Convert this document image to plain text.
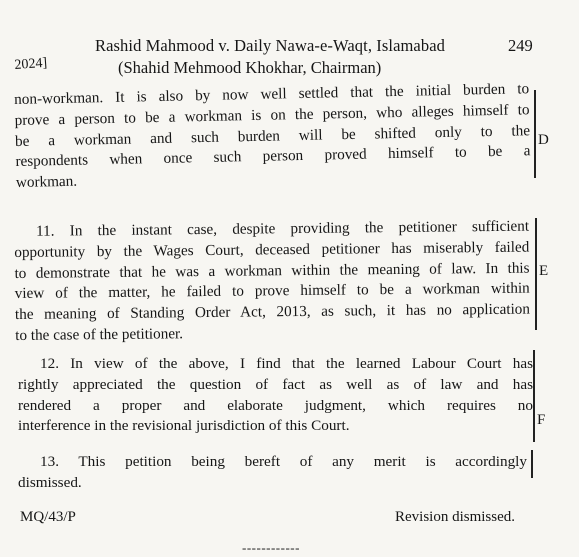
2024]
Rashid Mahmood v. Daily Nawa-e-Waqt, Islamabad
(Shahid Mehmood Khokhar, Chairman)
249
non-workman. It is also by now well settled that the initial burden to
prove a person to be a workman is on the person, who alleges himself to
be a workman and such burden will be shifted only to the
respondents when once such person proved himself to be a
workman.
11. In the instant case, despite providing the petitioner sufficient
opportunity by the Wages Court, deceased petitioner has miserably failed
to demonstrate that he was a workman within the meaning of law. In this
view of the matter, he failed to prove himself to be a workman within
the meaning of Standing Order Act, 2013, as such, it has no application
to the case of the petitioner.
12. In view of the above, I find that the learned Labour Court has
rightly appreciated the question of fact as well as of law and has
rendered a proper and elaborate judgment, which requires no
interference in the revisional jurisdiction of this Court.
13. This petition being bereft of any merit is accordingly
dismissed.
D
E
F
MQ/43/P	Revision dismissed.
------------
